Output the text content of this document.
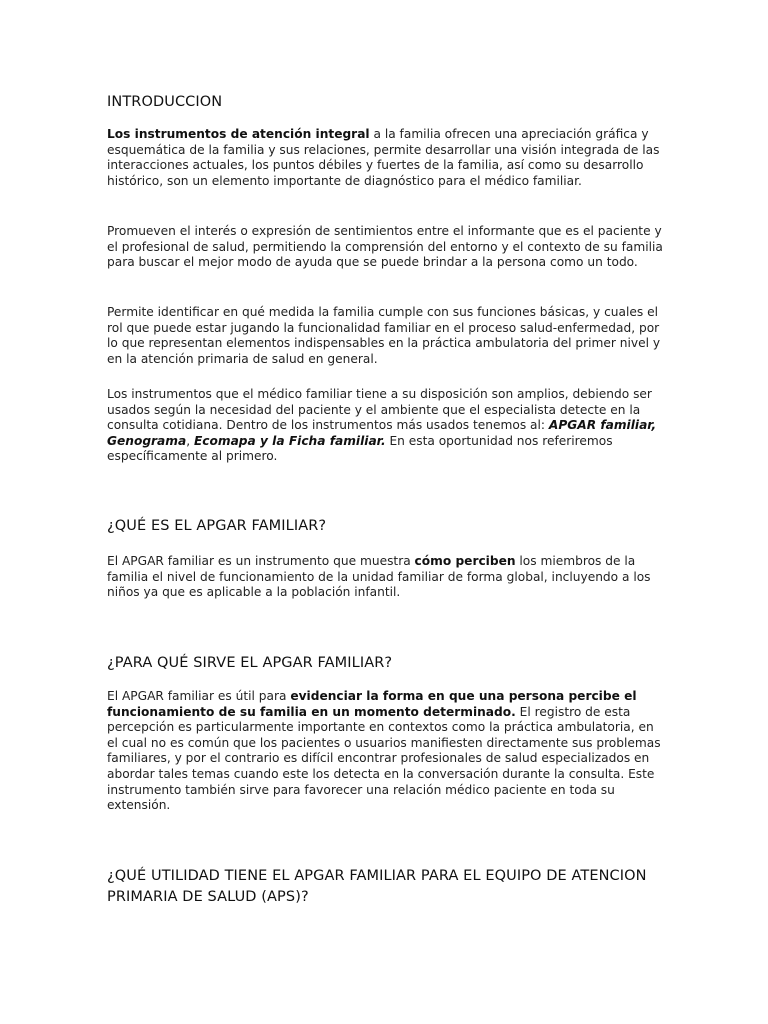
INTRODUCCION

Los instrumentos de atención integral a la familia ofrecen una apreciación gráfica y esquemática de la familia y sus relaciones, permite desarrollar una visión integrada de las interacciones actuales, los puntos débiles y fuertes de la familia, así como su desarrollo histórico, son un elemento importante de diagnóstico para el médico familiar.

Promueven el interés o expresión de sentimientos entre el informante que es el paciente y el profesional de salud, permitiendo la comprensión del entorno y el contexto de su familia para buscar el mejor modo de ayuda que se puede brindar a la persona como un todo.

Permite identificar en qué medida la familia cumple con sus funciones básicas, y cuales el rol que puede estar jugando la funcionalidad familiar en el proceso salud-enfermedad, por lo que representan elementos indispensables en la práctica ambulatoria del primer nivel y en la atención primaria de salud en general.

Los instrumentos que el médico familiar tiene a su disposición son amplios, debiendo ser usados según la necesidad del paciente y el ambiente que el especialista detecte en la consulta cotidiana. Dentro de los instrumentos más usados tenemos al: APGAR familiar, Genograma, Ecomapa y la Ficha familiar. En esta oportunidad nos referiremos específicamente al primero.

¿QUÉ ES EL APGAR FAMILIAR?

El APGAR familiar es un instrumento que muestra cómo perciben los miembros de la familia el nivel de funcionamiento de la unidad familiar de forma global, incluyendo a los niños ya que es aplicable a la población infantil.

¿PARA QUÉ SIRVE EL APGAR FAMILIAR?

El APGAR familiar es útil para evidenciar la forma en que una persona percibe el funcionamiento de su familia en un momento determinado. El registro de esta percepción es particularmente importante en contextos como la práctica ambulatoria, en el cual no es común que los pacientes o usuarios manifiesten directamente sus problemas familiares, y por el contrario es difícil encontrar profesionales de salud especializados en abordar tales temas cuando este los detecta en la conversación durante la consulta. Este instrumento también sirve para favorecer una relación médico paciente en toda su extensión.

¿QUÉ UTILIDAD TIENE EL APGAR FAMILIAR PARA EL EQUIPO DE ATENCION PRIMARIA DE SALUD (APS)?
